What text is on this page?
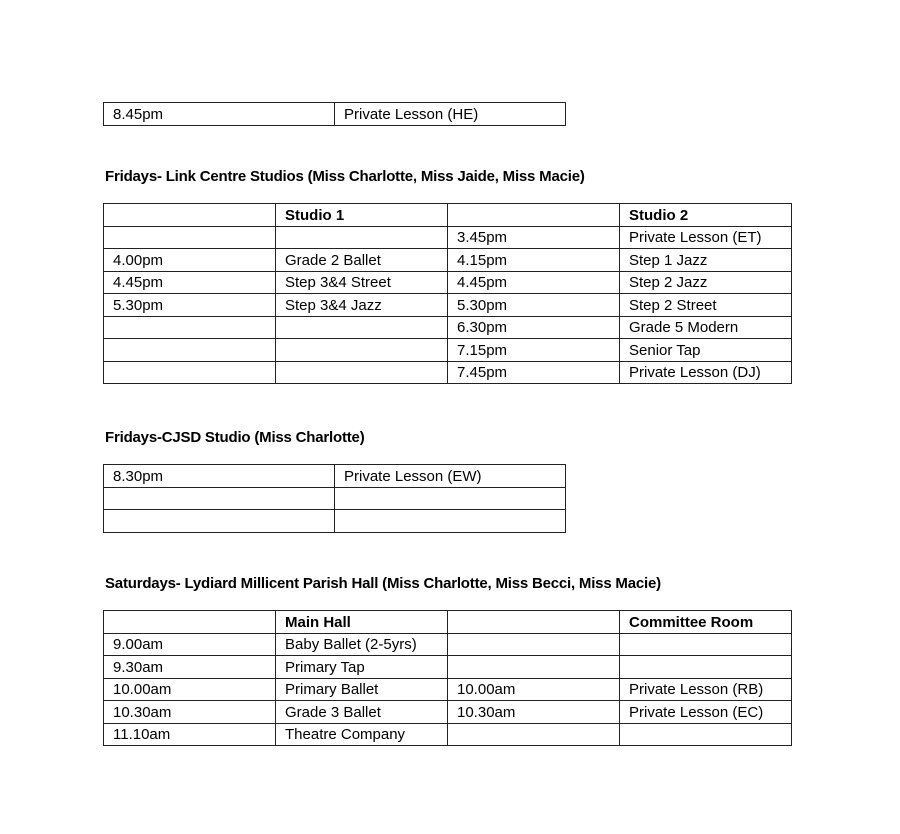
8.45pm	Private Lesson (HE)
Fridays- Link Centre Studios (Miss Charlotte, Miss Jaide, Miss Macie)
	Studio 1		Studio 2
		3.45pm	Private Lesson (ET)
4.00pm	Grade 2 Ballet	4.15pm	Step 1 Jazz
4.45pm	Step 3&4 Street	4.45pm	Step 2 Jazz
5.30pm	Step 3&4 Jazz	5.30pm	Step 2 Street
		6.30pm	Grade 5 Modern
		7.15pm	Senior Tap
		7.45pm	Private Lesson (DJ)
Fridays-CJSD Studio (Miss Charlotte)
8.30pm	Private Lesson (EW)

Saturdays- Lydiard Millicent Parish Hall (Miss Charlotte, Miss Becci, Miss Macie)
	Main Hall		Committee Room
9.00am	Baby Ballet (2-5yrs)		
9.30am	Primary Tap		
10.00am	Primary Ballet	10.00am	Private Lesson (RB)
10.30am	Grade 3 Ballet	10.30am	Private Lesson (EC)
11.10am	Theatre Company		
